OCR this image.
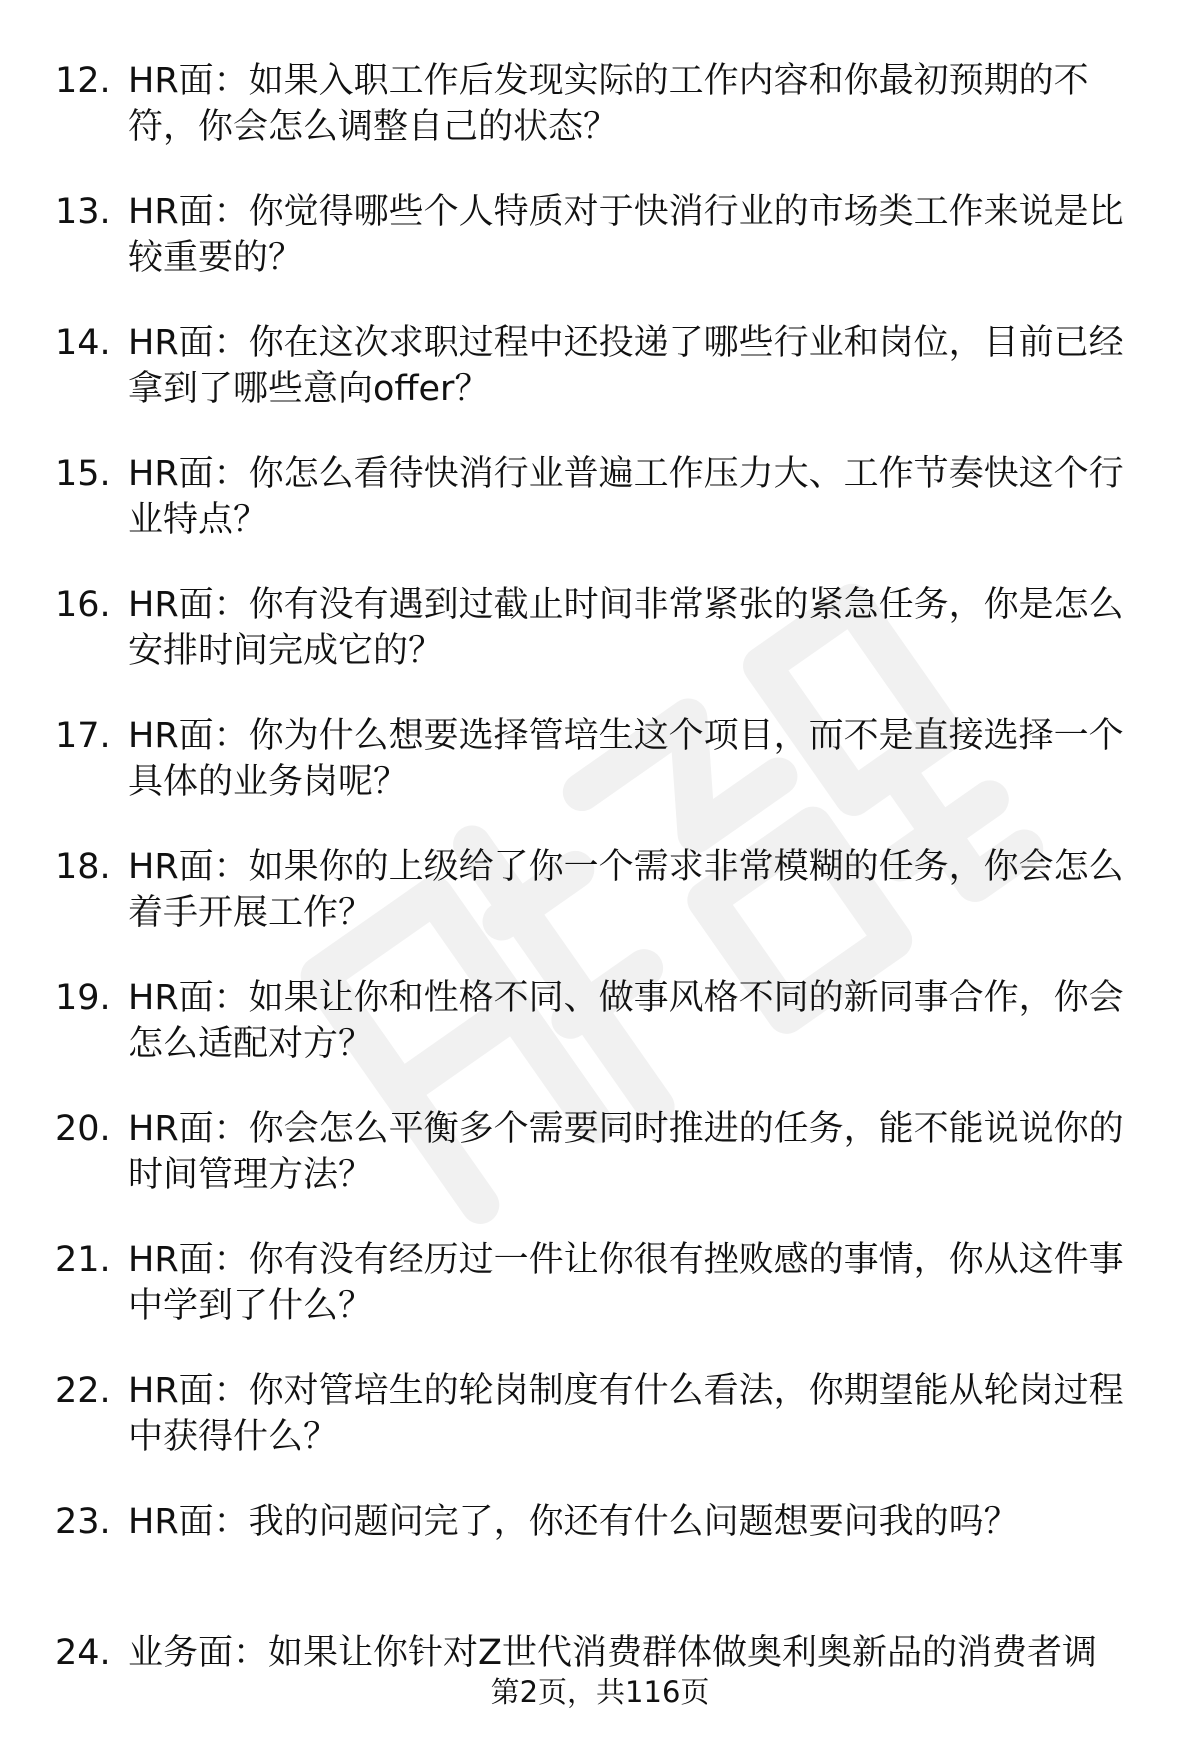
12. HR面：如果入职工作后发现实际的工作内容和你最初预期的不符，你会怎么调整自己的状态？
13. HR面：你觉得哪些个人特质对于快消行业的市场类工作来说是比较重要的？
14. HR面：你在这次求职过程中还投递了哪些行业和岗位，目前已经拿到了哪些意向offer？
15. HR面：你怎么看待快消行业普遍工作压力大、工作节奏快这个行业特点？
16. HR面：你有没有遇到过截止时间非常紧张的紧急任务，你是怎么安排时间完成它的？
17. HR面：你为什么想要选择管培生这个项目，而不是直接选择一个具体的业务岗呢？
18. HR面：如果你的上级给了你一个需求非常模糊的任务，你会怎么着手开展工作？
19. HR面：如果让你和性格不同、做事风格不同的新同事合作，你会怎么适配对方？
20. HR面：你会怎么平衡多个需要同时推进的任务，能不能说说你的时间管理方法？
21. HR面：你有没有经历过一件让你很有挫败感的事情，你从这件事中学到了什么？
22. HR面：你对管培生的轮岗制度有什么看法，你期望能从轮岗过程中获得什么？
23. HR面：我的问题问完了，你还有什么问题想要问我的吗？
24. 业务面：如果让你针对Z世代消费群体做奥利奥新品的消费者调
第2页，共116页
